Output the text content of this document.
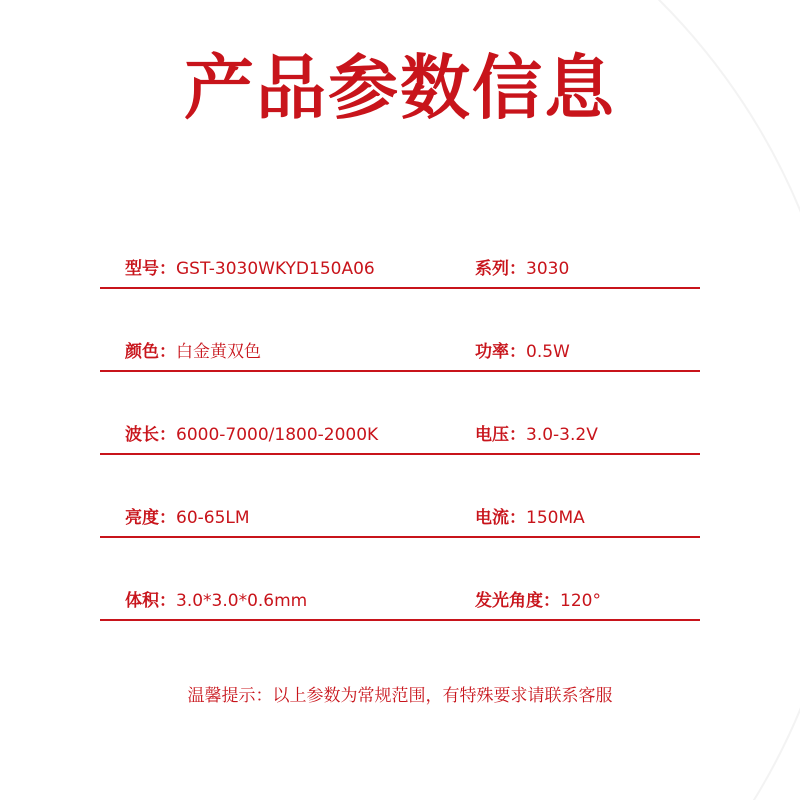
产品参数信息
型号：GST-3030WKYD150A06	系列：3030
颜色：白金黄双色	功率：0.5W
波长：6000-7000/1800-2000K	电压：3.0-3.2V
亮度：60-65LM	电流：150MA
体积：3.0*3.0*0.6mm	发光角度：120°
温馨提示：以上参数为常规范围，有特殊要求请联系客服
